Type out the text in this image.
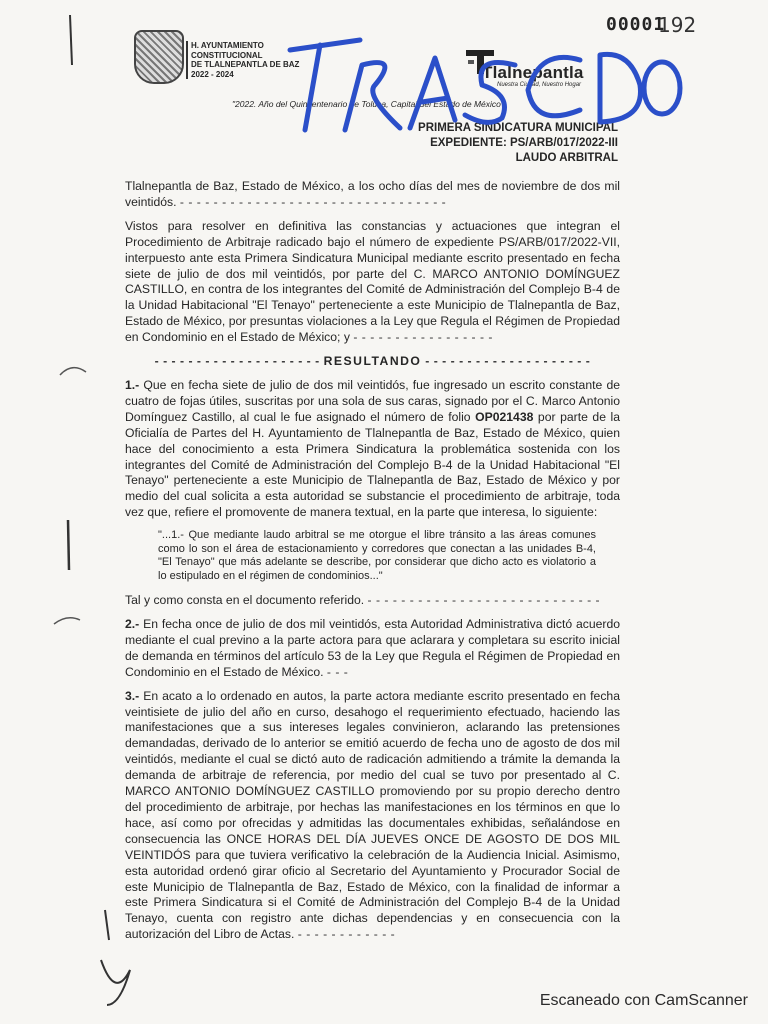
H. AYUNTAMIENTO
CONSTITUCIONAL
DE TLALNEPANTLA DE BAZ
2022 - 2024	Tlalnepantla
Nuestra Ciudad, Nuestro Hogar
"2022. Año del Quincentenario de Toluca, Capital del Estado de México"
00001
192
PRIMERA SINDICATURA MUNICIPAL
EXPEDIENTE: PS/ARB/017/2022-III
LAUDO ARBITRAL

Tlalnepantla de Baz, Estado de México, a los ocho días del mes de noviembre de dos mil veintidós. - - - - - - - - - - - - - - - - - - - - - - - - - - - - - - - -

Vistos para resolver en definitiva las constancias y actuaciones que integran el Procedimiento de Arbitraje radicado bajo el número de expediente PS/ARB/017/2022-VII, interpuesto ante esta Primera Sindicatura Municipal mediante escrito presentado en fecha siete de julio de dos mil veintidós, por parte del C. MARCO ANTONIO DOMÍNGUEZ CASTILLO, en contra de los integrantes del Comité de Administración del Complejo B-4 de la Unidad Habitacional "El Tenayo" perteneciente a este Municipio de Tlalnepantla de Baz, Estado de México, por presuntas violaciones a la Ley que Regula el Régimen de Propiedad en Condominio en el Estado de México; y - - - - - - - - - - - - - - - - -

- - - - - - - - - - - - - - - - - - - - RESULTANDO - - - - - - - - - - - - - - - - - - - -

1.- Que en fecha siete de julio de dos mil veintidós, fue ingresado un escrito constante de cuatro de fojas útiles, suscritas por una sola de sus caras, signado por el C. Marco Antonio Domínguez Castillo, al cual le fue asignado el número de folio OP021438 por parte de la Oficialía de Partes del H. Ayuntamiento de Tlalnepantla de Baz, Estado de México, quien hace del conocimiento a esta Primera Sindicatura la problemática sostenida con los integrantes del Comité de Administración del Complejo B-4 de la Unidad Habitacional "El Tenayo" perteneciente a este Municipio de Tlalnepantla de Baz, Estado de México y por medio del cual solicita a esta autoridad se substancie el procedimiento de arbitraje, toda vez que, refiere el promovente de manera textual, en la parte que interesa, lo siguiente:

"...1.- Que mediante laudo arbitral se me otorgue el libre tránsito a las áreas comunes como lo son el área de estacionamiento y corredores que conectan a las unidades B-4, "El Tenayo" que más adelante se describe, por considerar que dicho acto es violatorio a lo estipulado en el régimen de condominios..."

Tal y como consta en el documento referido. - - - - - - - - - - - - - - - - - - - - - - - - - - - -

2.- En fecha once de julio de dos mil veintidós, esta Autoridad Administrativa dictó acuerdo mediante el cual previno a la parte actora para que aclarara y completara su escrito inicial de demanda en términos del artículo 53 de la Ley que Regula el Régimen de Propiedad en Condominio en el Estado de México. - - -

3.- En acato a lo ordenado en autos, la parte actora mediante escrito presentado en fecha veintisiete de julio del año en curso, desahogo el requerimiento efectuado, haciendo las manifestaciones que a sus intereses legales convinieron, aclarando las pretensiones demandadas, derivado de lo anterior se emitió acuerdo de fecha uno de agosto de dos mil veintidós, mediante el cual se dictó auto de radicación admitiendo a trámite la demanda la demanda de arbitraje de referencia, por medio del cual se tuvo por presentado al C. MARCO ANTONIO DOMÍNGUEZ CASTILLO promoviendo por su propio derecho dentro del procedimiento de arbitraje, por hechas las manifestaciones en los términos en que lo hace, así como por ofrecidas y admitidas las documentales exhibidas, señalándose en consecuencia las ONCE HORAS DEL DÍA JUEVES ONCE DE AGOSTO DE DOS MIL VEINTIDÓS para que tuviera verificativo la celebración de la Audiencia Inicial. Asimismo, esta autoridad ordenó girar oficio al Secretario del Ayuntamiento y Procurador Social de este Municipio de Tlalnepantla de Baz, Estado de México, con la finalidad de informar a este Primera Sindicatura si el Comité de Administración del Complejo B-4 de la Unidad Tenayo, cuenta con registro ante dichas dependencias y en consecuencia con la autorización del Libro de Actas. - - - - - - - - - - - -

Escaneado con CamScanner
